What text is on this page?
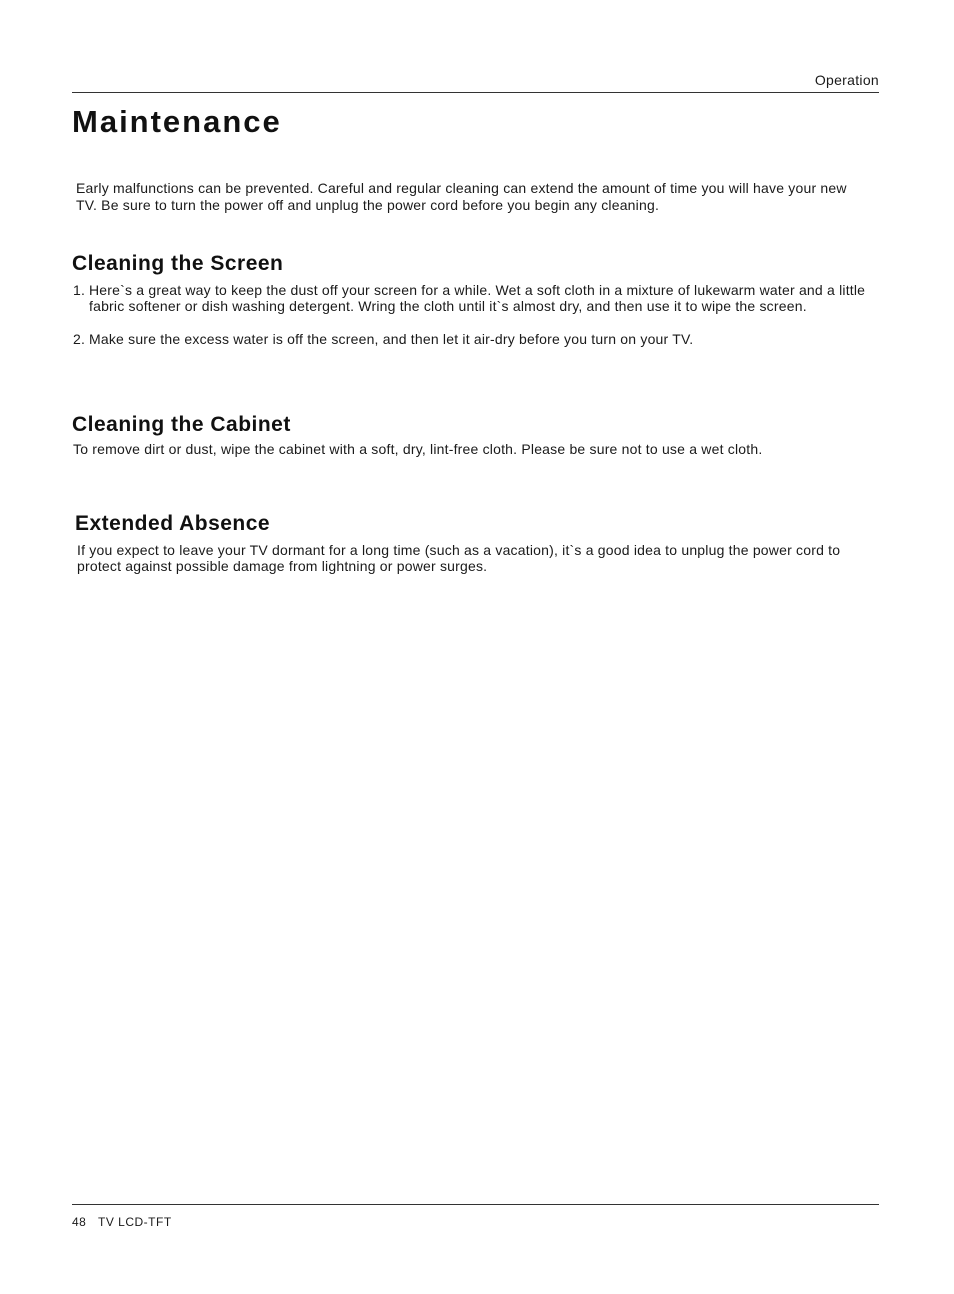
Operation
Maintenance

Early malfunctions can be prevented. Careful and regular cleaning can extend the amount of time you will have your new TV. Be sure to turn the power off and unplug the power cord before you begin any cleaning.

Cleaning the Screen
1. Here`s a great way to keep the dust off your screen for a while. Wet a soft cloth in a mixture of lukewarm water and a little fabric softener or dish washing detergent. Wring the cloth until it`s almost dry, and then use it to wipe the screen.
2. Make sure the excess water is off the screen, and then let it air-dry before you turn on your TV.
Cleaning the Cabinet

To remove dirt or dust, wipe the cabinet with a soft, dry, lint-free cloth. Please be sure not to use a wet cloth.

Extended Absence

If you expect to leave your TV dormant for a long time (such as a vacation), it`s a good idea to unplug the power cord to protect against possible damage from lightning or power surges.

48 TV LCD-TFT
